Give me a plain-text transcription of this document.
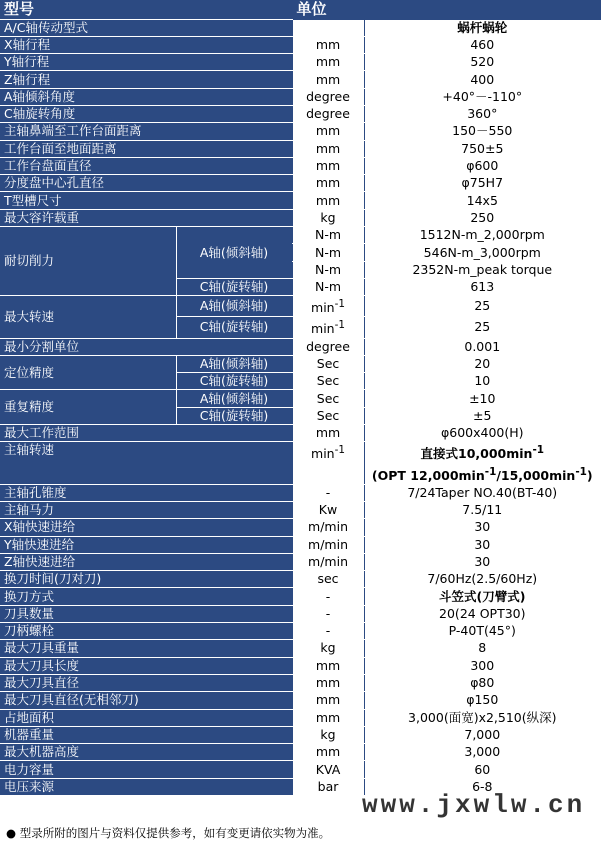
型号		单位	
A/C轴传动型式			蜗杆蜗轮
X轴行程		mm	460
Y轴行程		mm	520
Z轴行程		mm	400
A轴倾斜角度		degree	+40°－-110°
C轴旋转角度		degree	360°
主轴鼻端至工作台面距离		mm	150－550
工作台面至地面距离		mm	750±5
工作台盘面直径		mm	φ600
分度盘中心孔直径		mm	φ75H7
T型槽尺寸		mm	14x5
最大容许载重		kg	250
耐切削力	A轴(倾斜轴)	N-m	1512N-m_2,000rpm
		N-m	546N-m_3,000rpm
		N-m	2352N-m_peak torque
	C轴(旋转轴)	N-m	613
最大转速	A轴(倾斜轴)	$\min^{-1}$	25
	C轴(旋转轴)	$\min^{-1}$	25
最小分割单位		degree	0.001
定位精度	A轴(倾斜轴)	Sec	20
	C轴(旋转轴)	Sec	10
重复精度	A轴(倾斜轴)	Sec	±10
	C轴(旋转轴)	Sec	±5
最大工作范围		mm	φ600x400(H)
主轴转速		$\min^{-1}$	直接式$10,000\min^{-1}$
			(OPT $12,000\min^{-1}/15,000\min^{-1}$)
主轴孔锥度		-	7/24Taper NO.40(BT-40)
主轴马力		Kw	7.5/11
X轴快速进给		m/min	30
Y轴快速进给		m/min	30
Z轴快速进给		m/min	30
换刀时间(刀对刀)		sec	7/60Hz(2.5/60Hz)
换刀方式		-	斗笠式(刀臂式)
刀具数量		-	20(24 OPT30)
刀柄螺栓		-	P-40T(45°)
最大刀具重量		kg	8
最大刀具长度		mm	300
最大刀具直径		mm	φ80
最大刀具直径(无相邻刀)		mm	φ150
占地面积		mm	3,000(面宽)x2,510(纵深)
机器重量		kg	7,000
最大机器高度		mm	3,000
电力容量		KVA	60
电压来源		bar	6-8
www.jxwlw.cn
● 型录所附的图片与资料仅提供参考，如有变更请依实物为准。
